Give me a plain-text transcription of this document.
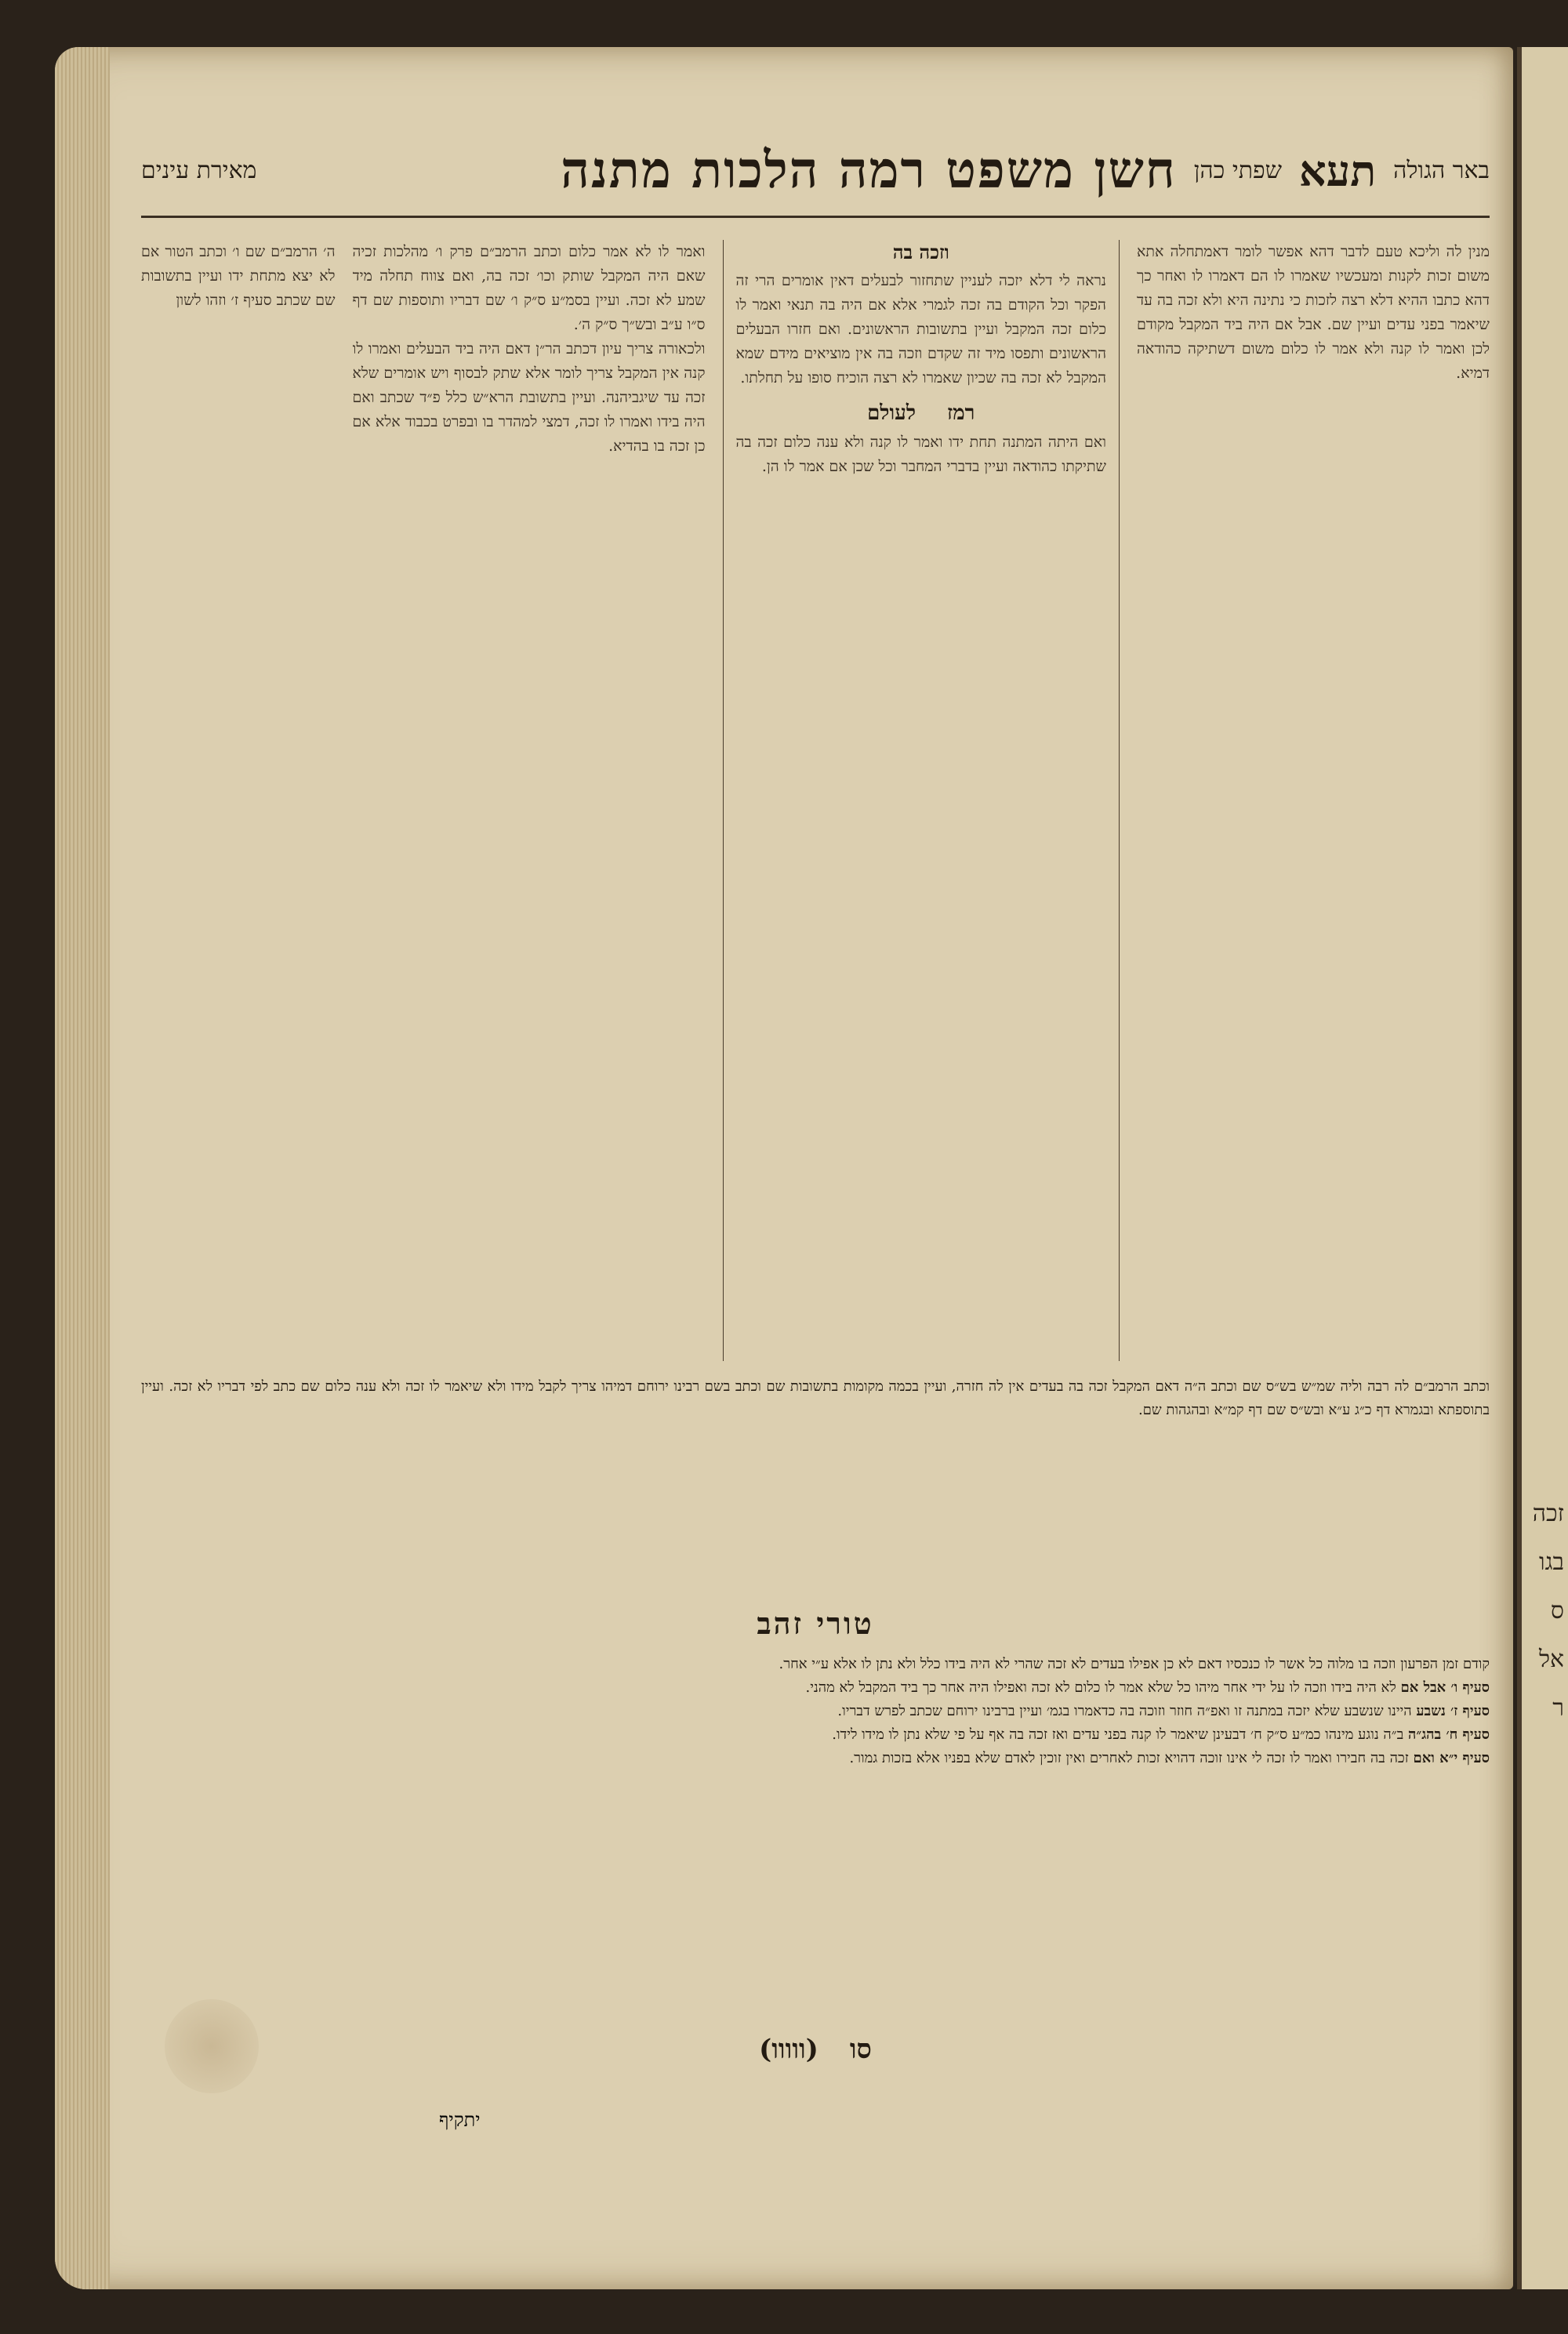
זכה בגו ס אל ר
באר הגולה
תעא
שפתי כהן
חשן משפט רמה הלכות מתנה
מאירת עינים
מנין לה וליכא טעם לדבר דהא אפשר לומר דאמתחלה אתא משום זכות לקנות ומעכשיו שאמרו לו הם דאמרו לו ואחר כך דהא כתבו ההיא דלא רצה לזכות כי נתינה היא ולא זכה בה עד שיאמר בפני עדים ועיין שם. אבל אם היה ביד המקבל מקודם לכן ואמר לו קנה ולא אמר לו כלום משום דשתיקה כהודאה דמיא.
וזכה בה
נראה לי דלא יזכה לעניין שתחזור לבעלים דאין אומרים הרי זה הפקר וכל הקודם בה זכה לגמרי אלא אם היה בה תנאי ואמר לו כלום זכה המקבל ועיין בתשובות הראשונים. ואם חזרו הבעלים הראשונים ותפסו מיד זה שקדם וזכה בה אין מוציאים מידם שמא המקבל לא זכה בה שכיון שאמרו לא רצה הוכיח סופו על תחלתו.
רמז
לעולם
ואם היתה המתנה תחת ידו ואמר לו קנה ולא ענה כלום זכה בה שתיקתו כהודאה ועיין בדברי המחבר וכל שכן אם אמר לו הן.
ואמר לו לא אמר כלום וכתב הרמב״ם פרק ו׳ מהלכות זכיה שאם היה המקבל שותק וכו׳ זכה בה, ואם צווח תחלה מיד שמע לא זכה. ועיין בסמ״ע ס״ק ו׳ שם דבריו ותוספות שם דף ס״ו ע״ב ובש״ך ס״ק ה׳.
ולכאורה צריך עיון דכתב הר״ן דאם היה ביד הבעלים ואמרו לו קנה אין המקבל צריך לומר אלא שתק לבסוף ויש אומרים שלא זכה עד שיגביהנה. ועיין בתשובת הרא״ש כלל פ״ד שכתב ואם היה בידו ואמרו לו זכה, דמצי למהדר בו ובפרט בכבוד אלא אם כן זכה בו בהדיא.
ה׳ הרמב״ם שם ו׳ וכתב הטור אם לא יצא מתחת ידו ועיין בתשובות שם שכתב סעיף ז׳ וזהו לשון
וכתב הרמב״ם לה רבה וליה שמ״ש בש״ס שם וכתב ה״ה דאם המקבל זכה בה בעדים אין לה חזרה, ועיין בכמה מקומות בתשובות שם וכתב בשם רבינו ירוחם דמיהו צריך לקבל מידו ולא שיאמר לו זכה ולא ענה כלום שם כתב לפי דבריו לא זכה. ועיין בתוספתא ובגמרא דף כ״ג ע״א ובש״ס שם דף קמ״א ובהגהות שם.
טורי זהב
קודם זמן הפרעון וזכה בו מלוה כל אשר לו כנכסיו דאם לא כן אפילו בעדים לא זכה שהרי לא היה בידו כלל ולא נתן לו אלא ע״י אחר.
סעיף ו׳ אבל אם לא היה בידו וזכה לו על ידי אחר מיהו כל שלא אמר לו כלום לא זכה ואפילו היה אחר כך ביד המקבל לא מהני.
סעיף ז׳ נשבע היינו שנשבע שלא יזכה במתנה זו ואפ״ה חוזר וזוכה בה כדאמרו בגמ׳ ועיין ברבינו ירוחם שכתב לפרש דבריו.
סעיף ח׳ בהג״ה ב״ה נוגע מינהו כמ״ע ס״ק ח׳ דבעינן שיאמר לו קנה בפני עדים ואז זכה בה אף על פי שלא נתן לו מידו לידו.
סעיף י״א ואם זכה בה חבירו ואמר לו זכה לי אינו זוכה דהויא זכות לאחרים ואין זוכין לאדם שלא בפניו אלא בזכות גמור.
סו
(ווווו)
יתקיף
